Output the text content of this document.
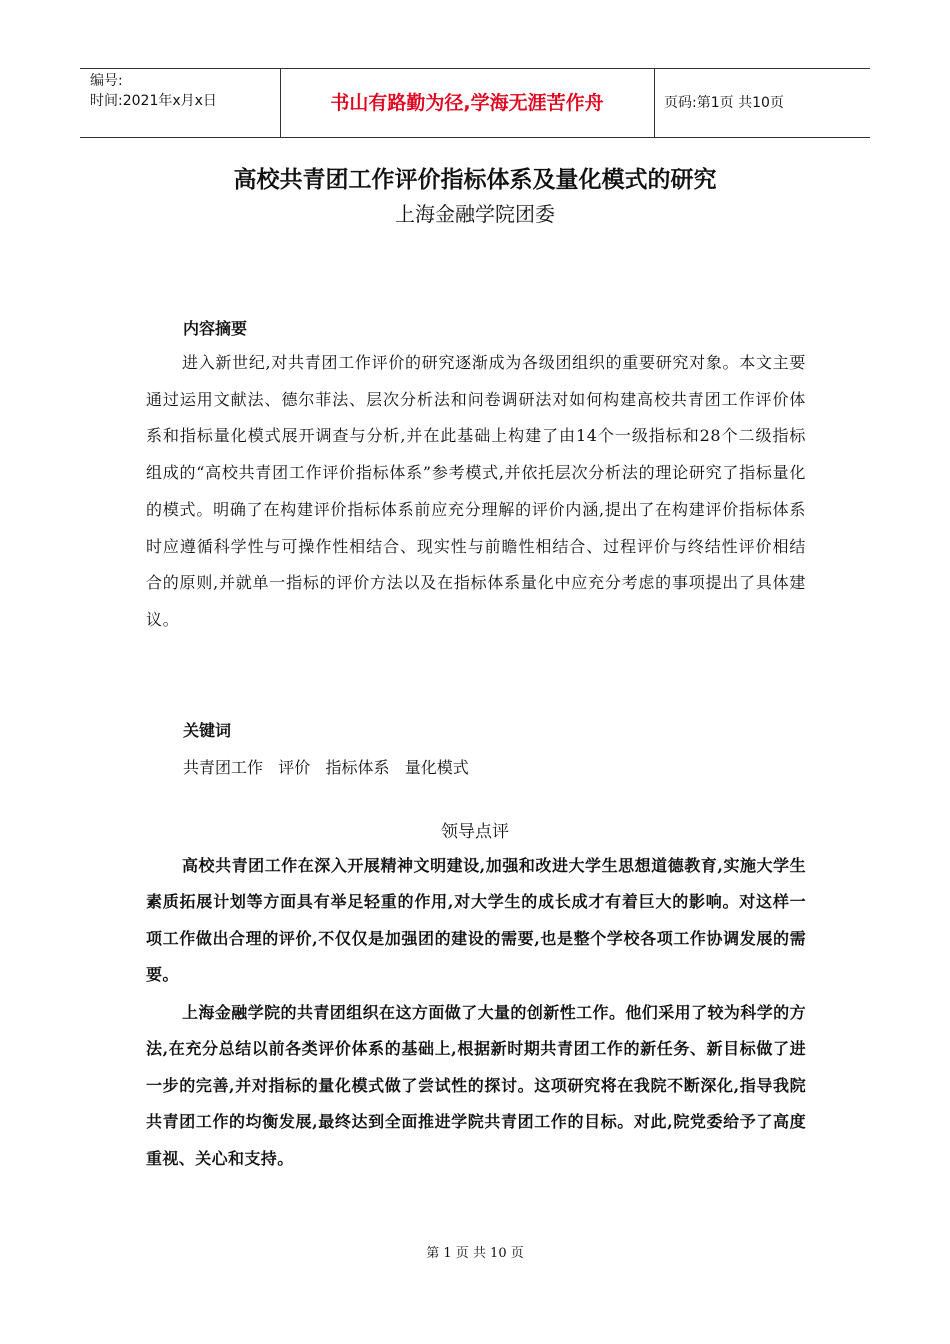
编号:
时间:2021年x月x日	书山有路勤为径,学海无涯苦作舟	页码:第1页 共10页
高校共青团工作评价指标体系及量化模式的研究
上海金融学院团委
内容摘要

进入新世纪,对共青团工作评价的研究逐渐成为各级团组织的重要研究对象。本文主要通过运用文献法、德尔菲法、层次分析法和问卷调研法对如何构建高校共青团工作评价体系和指标量化模式展开调查与分析,并在此基础上构建了由14个一级指标和28个二级指标组成的“高校共青团工作评价指标体系”参考模式,并依托层次分析法的理论研究了指标量化的模式。明确了在构建评价指标体系前应充分理解的评价内涵,提出了在构建评价指标体系时应遵循科学性与可操作性相结合、现实性与前瞻性相结合、过程评价与终结性评价相结合的原则,并就单一指标的评价方法以及在指标体系量化中应充分考虑的事项提出了具体建议。

关键词
共青团工作   评价   指标体系   量化模式
领导点评

高校共青团工作在深入开展精神文明建设,加强和改进大学生思想道德教育,实施大学生素质拓展计划等方面具有举足轻重的作用,对大学生的成长成才有着巨大的影响。对这样一项工作做出合理的评价,不仅仅是加强团的建设的需要,也是整个学校各项工作协调发展的需要。

上海金融学院的共青团组织在这方面做了大量的创新性工作。他们采用了较为科学的方法,在充分总结以前各类评价体系的基础上,根据新时期共青团工作的新任务、新目标做了进一步的完善,并对指标的量化模式做了尝试性的探讨。这项研究将在我院不断深化,指导我院共青团工作的均衡发展,最终达到全面推进学院共青团工作的目标。对此,院党委给予了高度重视、关心和支持。

第 1 页 共 10 页
